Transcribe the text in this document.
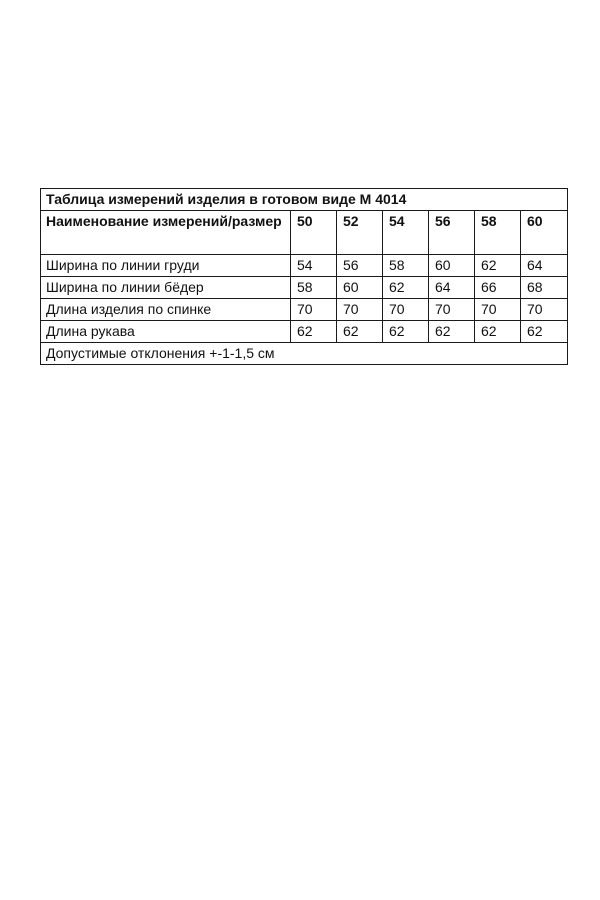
Таблица измерений изделия в готовом виде М 4014						
Наименование измерений/размер	50	52	54	56	58	60
Ширина по линии груди	54	56	58	60	62	64
Ширина по линии бёдер	58	60	62	64	66	68
Длина изделия по спинке	70	70	70	70	70	70
Длина рукава	62	62	62	62	62	62
Допустимые отклонения +-1-1,5 см						
